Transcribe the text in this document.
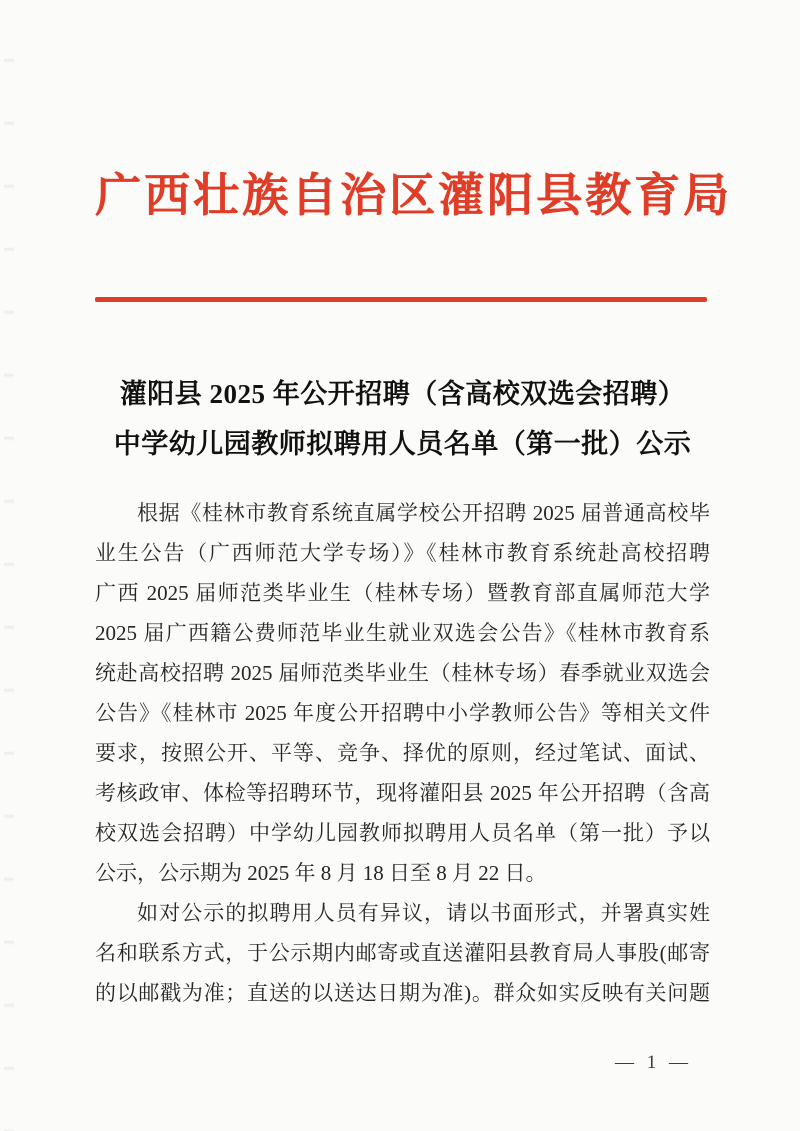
广西壮族自治区灌阳县教育局
灌阳县 2025 年公开招聘（含高校双选会招聘）
中学幼儿园教师拟聘用人员名单（第一批）公示
根据《桂林市教育系统直属学校公开招聘 2025 届普通高校毕
业生公告（广西师范大学专场）》《桂林市教育系统赴高校招聘
广西 2025 届师范类毕业生（桂林专场）暨教育部直属师范大学
2025 届广西籍公费师范毕业生就业双选会公告》《桂林市教育系
统赴高校招聘 2025 届师范类毕业生（桂林专场）春季就业双选会
公告》《桂林市 2025 年度公开招聘中小学教师公告》等相关文件
要求，按照公开、平等、竞争、择优的原则，经过笔试、面试、
考核政审、体检等招聘环节，现将灌阳县 2025 年公开招聘（含高
校双选会招聘）中学幼儿园教师拟聘用人员名单（第一批）予以
公示，公示期为 2025 年 8 月 18 日至 8 月 22 日。
如对公示的拟聘用人员有异议，请以书面形式，并署真实姓
名和联系方式，于公示期内邮寄或直送灌阳县教育局人事股(邮寄
的以邮戳为准；直送的以送达日期为准)。群众如实反映有关问题
— 1 —
